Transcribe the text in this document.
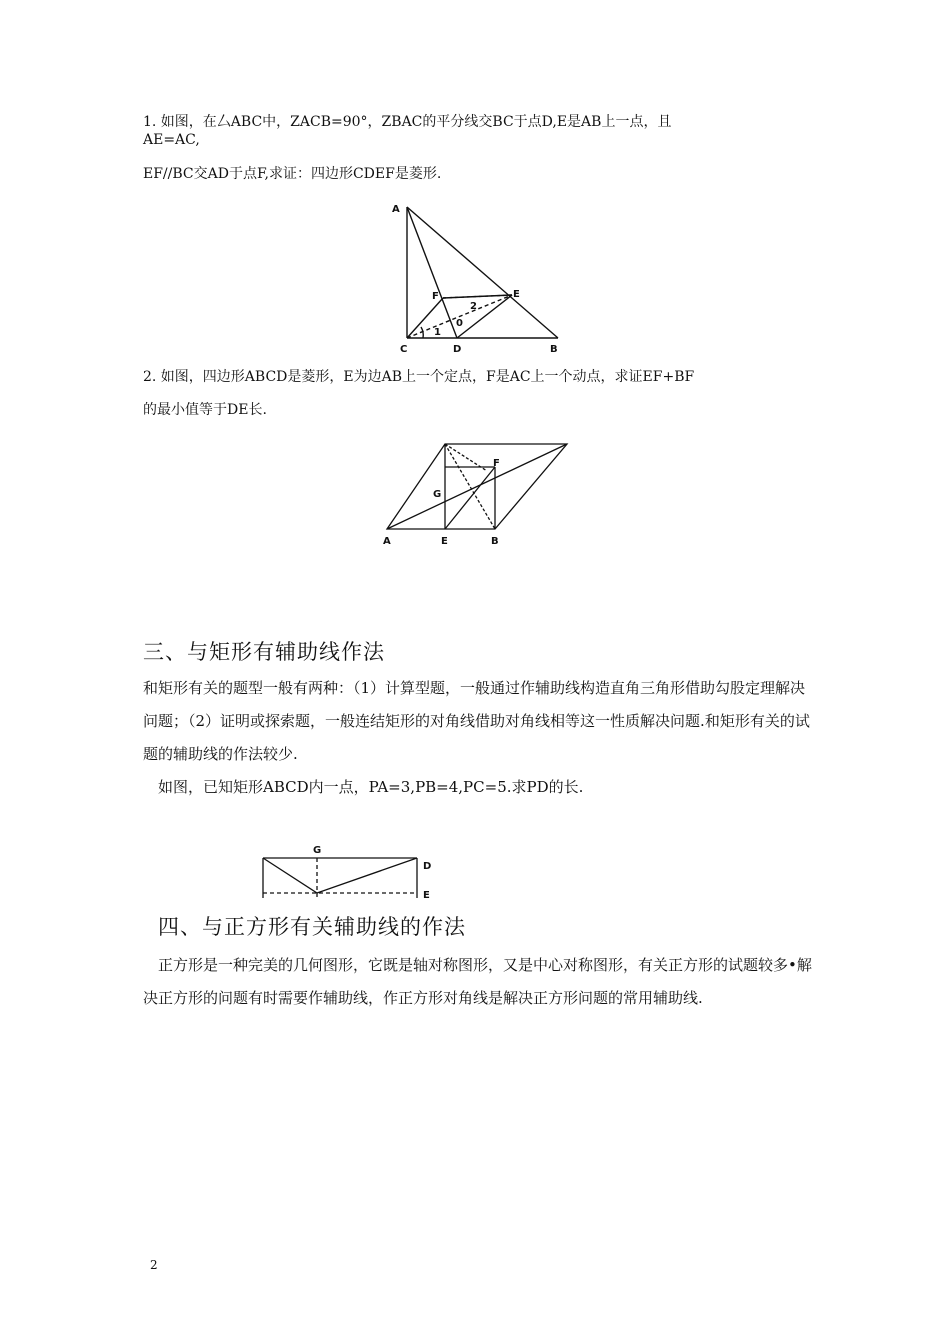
1. 如图，在厶ABC中，ZACB=90°，ZBAC的平分线交BC于点D,E是AB上一点，且
AE=AC,
EF//BC交AD于点F,求证：四边形CDEF是菱形.
A
C	D	B
F	E
1
2
0
2. 如图，四边形ABCD是菱形，E为边AB上一个定点，F是AC上一个动点，求证EF+BF
的最小值等于DE长.
A	E	B
F
G
三、与矩形有辅助线作法
和矩形有关的题型一般有两种：（1）计算型题，一般通过作辅助线构造直角三角形借助勾股定理解决问题；（2）证明或探索题，一般连结矩形的对角线借助对角线相等这一性质解决问题.和矩形有关的试题的辅助线的作法较少.
如图，已知矩形ABCD内一点，PA=3,PB=4,PC=5.求PD的长.
G
D
E
四、与正方形有关辅助线的作法
正方形是一种完美的几何图形，它既是轴对称图形，又是中心对称图形，有关正方形的试题较多•解决正方形的问题有时需要作辅助线，作正方形对角线是解决正方形问题的常用辅助线.
2
